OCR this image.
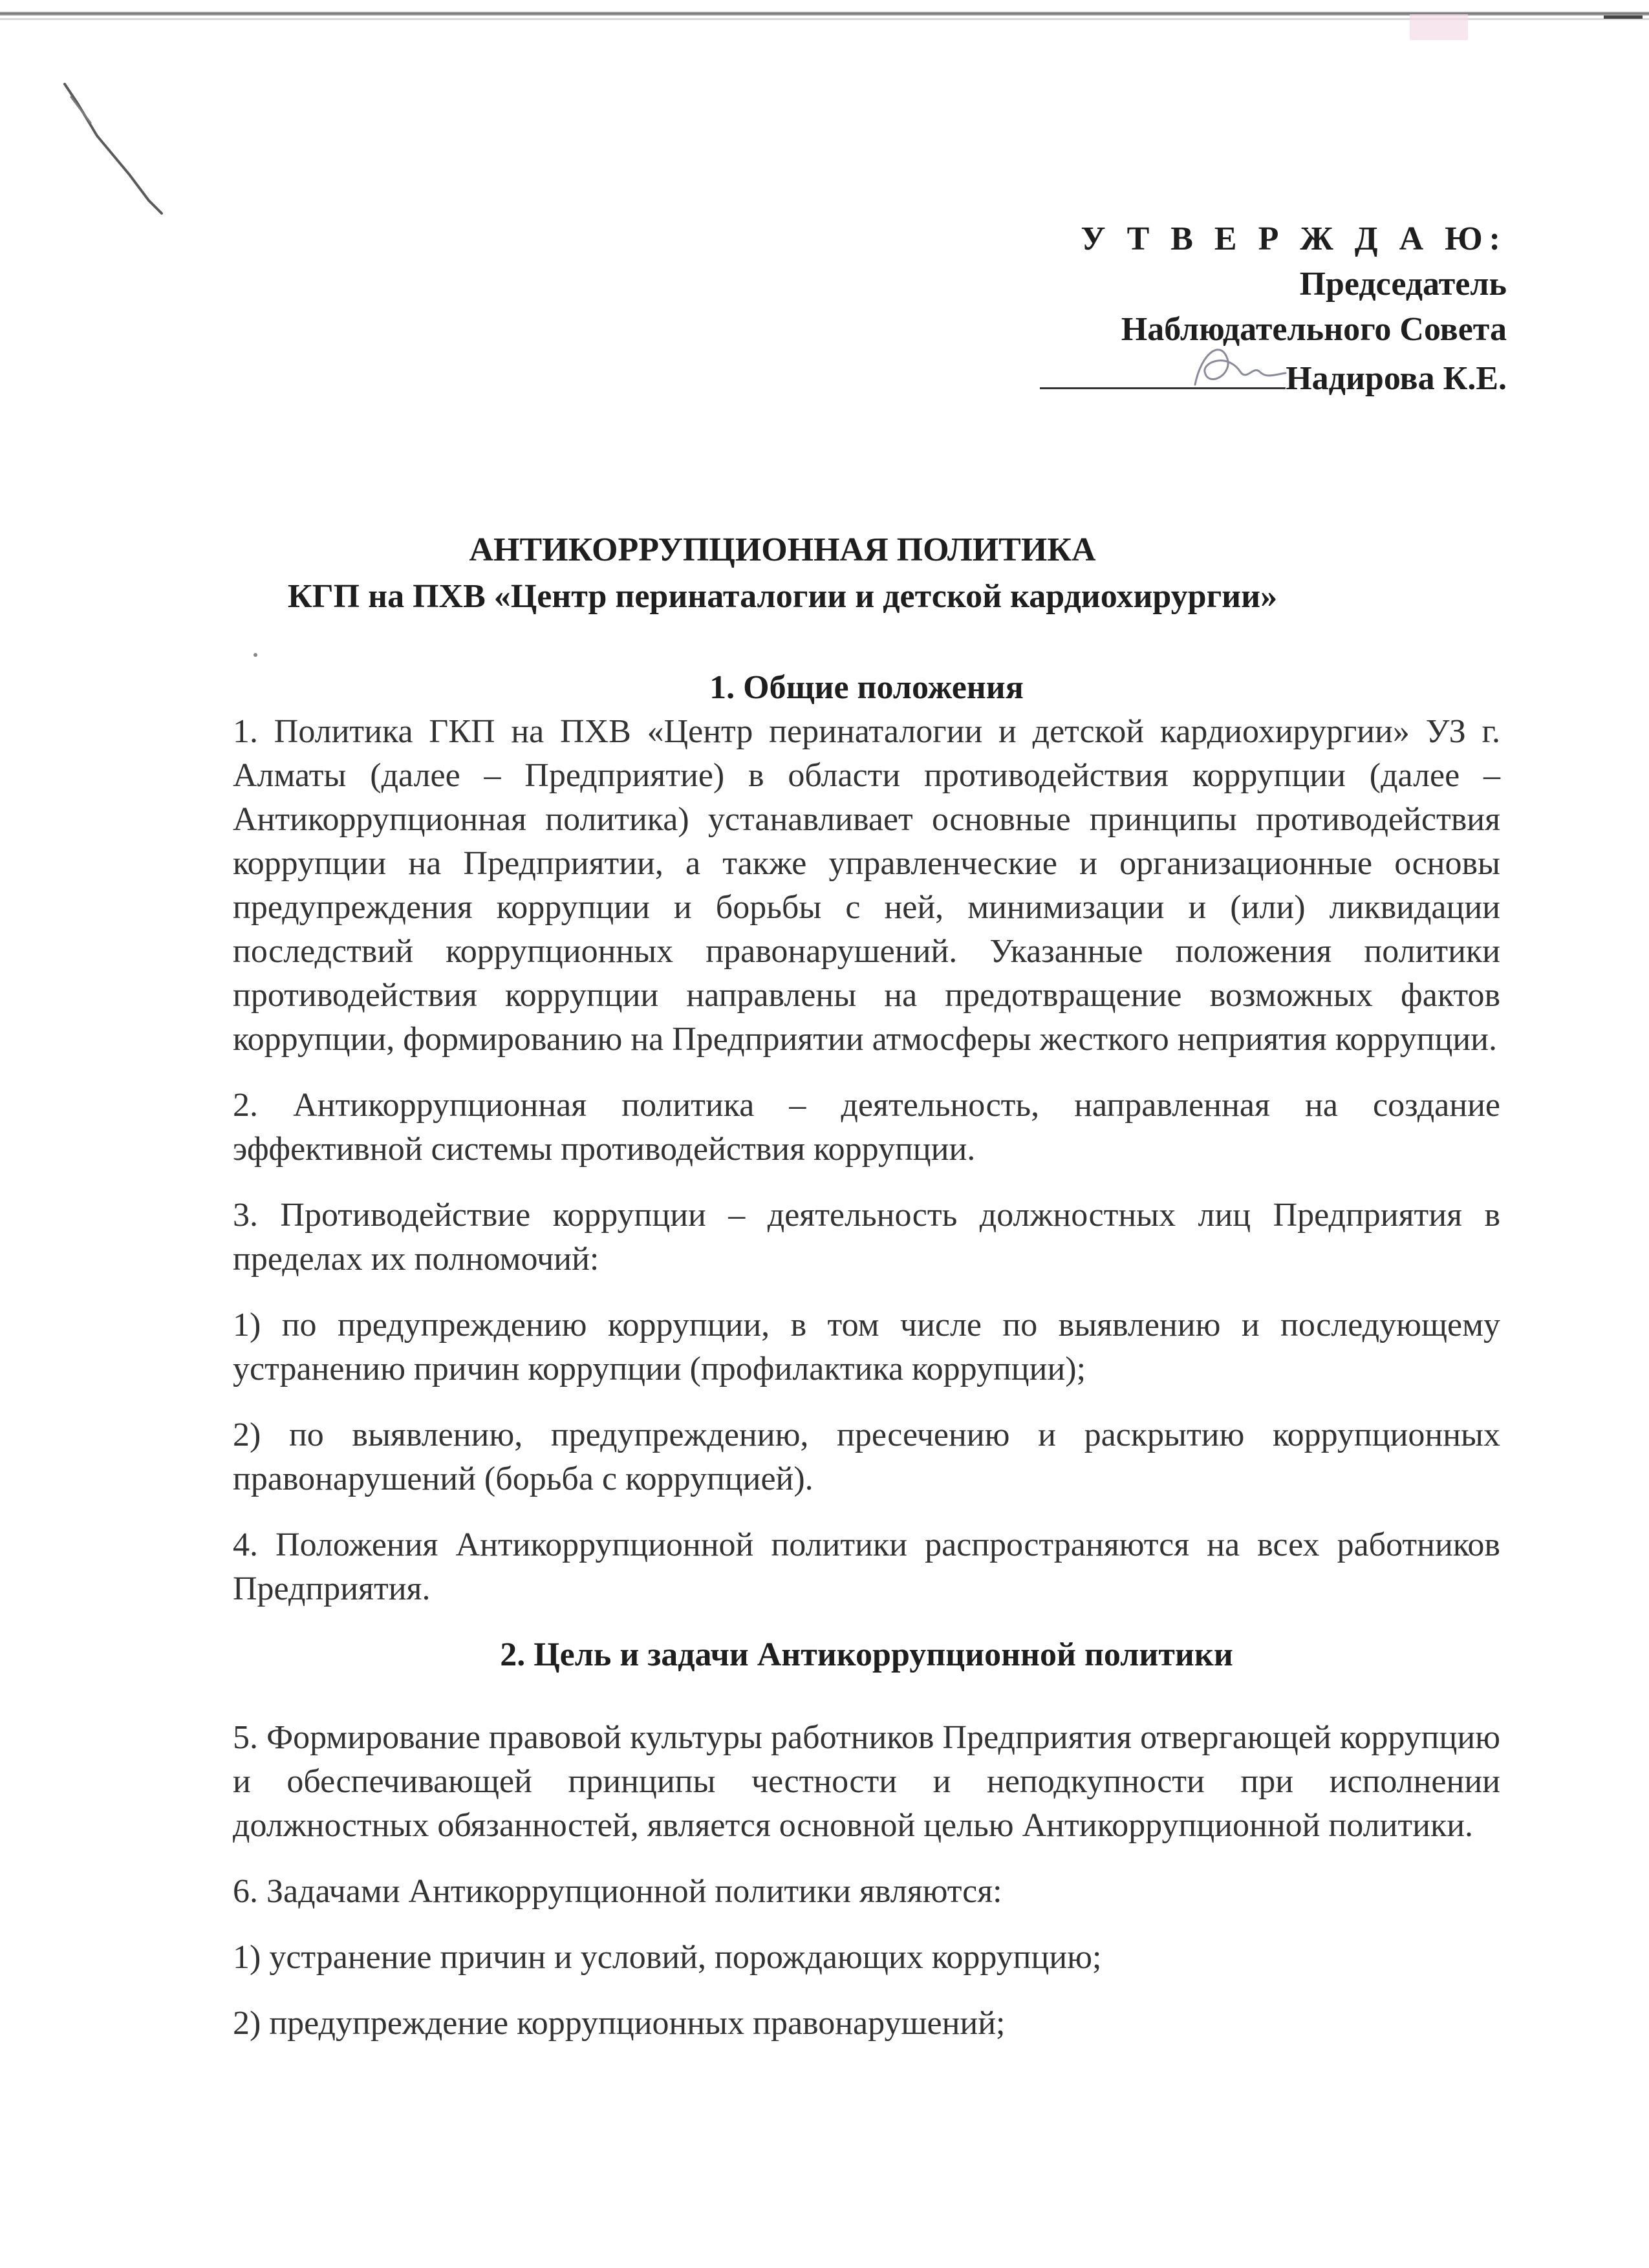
У Т В Е Р Ж Д А Ю:
Председатель
Наблюдательного Совета
Надирова К.Е.
АНТИКОРРУПЦИОННАЯ ПОЛИТИКА
КГП на ПХВ «Центр перинаталогии и детской кардиохирургии»
1. Общие положения

1. Политика ГКП на ПХВ «Центр перинаталогии и детской кардиохирургии» УЗ г. Алматы (далее – Предприятие) в области противодействия коррупции (далее – Антикоррупционная политика) устанавливает основные принципы противодействия коррупции на Предприятии, а также управленческие и организационные основы предупреждения коррупции и борьбы с ней, минимизации и (или) ликвидации последствий коррупционных правонарушений. Указанные положения политики противодействия коррупции направлены на предотвращение возможных фактов коррупции, формированию на Предприятии атмосферы жесткого неприятия коррупции.

2. Антикоррупционная политика – деятельность, направленная на создание эффективной системы противодействия коррупции.

3. Противодействие коррупции – деятельность должностных лиц Предприятия в пределах их полномочий:

1) по предупреждению коррупции, в том числе по выявлению и последующему устранению причин коррупции (профилактика коррупции);

2) по выявлению, предупреждению, пресечению и раскрытию коррупционных правонарушений (борьба с коррупцией).

4. Положения Антикоррупционной политики распространяются на всех работников Предприятия.

2. Цель и задачи Антикоррупционной политики

5. Формирование правовой культуры работников Предприятия отвергающей коррупцию и обеспечивающей принципы честности и неподкупности при исполнении должностных обязанностей, является основной целью Антикоррупционной политики.

6. Задачами Антикоррупционной политики являются:

1) устранение причин и условий, порождающих коррупцию;

2) предупреждение коррупционных правонарушений;
